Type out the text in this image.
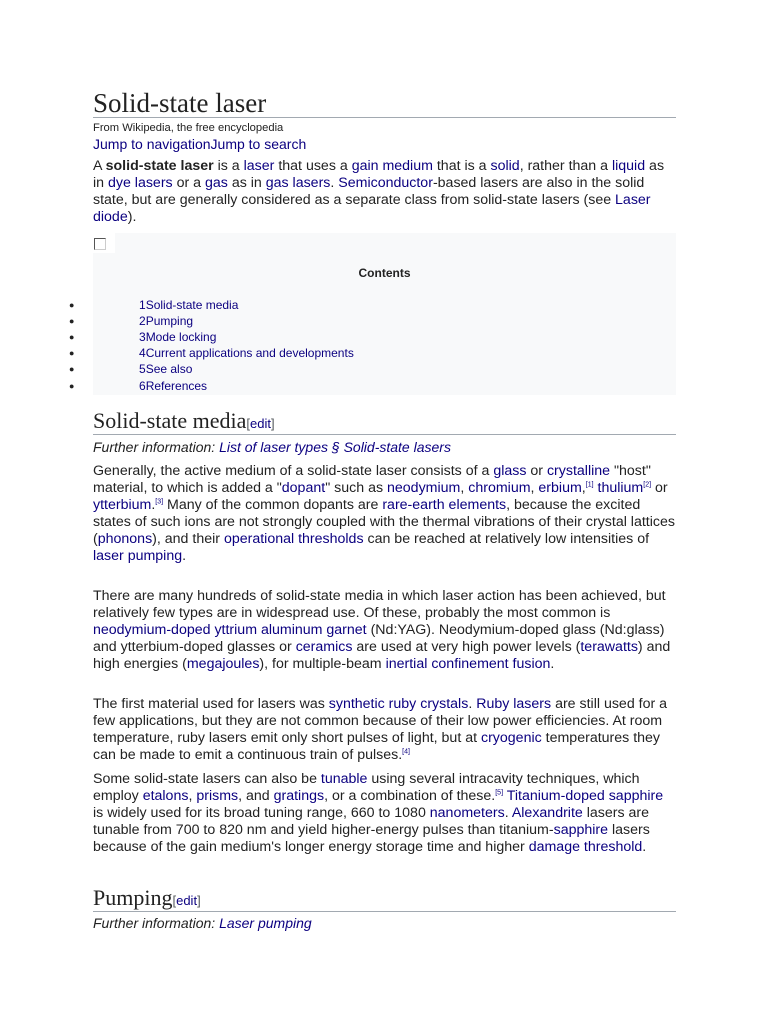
Solid-state laser
From Wikipedia, the free encyclopedia
Jump to navigationJump to search

A solid-state laser is a laser that uses a gain medium that is a solid, rather than a liquid as in dye lasers or a gas as in gas lasers. Semiconductor-based lasers are also in the solid state, but are generally considered as a separate class from solid-state lasers (see Laser diode).

Contents
●	1Solid-state media
●	2Pumping
●	3Mode locking
●	4Current applications and developments
●	5See also
●	6References
Solid-state media[edit]
Further information: List of laser types § Solid-state lasers

Generally, the active medium of a solid-state laser consists of a glass or crystalline "host" material, to which is added a "dopant" such as neodymium, chromium, erbium,[1] thulium[2] or ytterbium.[3] Many of the common dopants are rare-earth elements, because the excited states of such ions are not strongly coupled with the thermal vibrations of their crystal lattices (phonons), and their operational thresholds can be reached at relatively low intensities of laser pumping.

There are many hundreds of solid-state media in which laser action has been achieved, but relatively few types are in widespread use. Of these, probably the most common is neodymium-doped yttrium aluminum garnet (Nd:YAG). Neodymium-doped glass (Nd:glass) and ytterbium-doped glasses or ceramics are used at very high power levels (terawatts) and high energies (megajoules), for multiple-beam inertial confinement fusion.

The first material used for lasers was synthetic ruby crystals. Ruby lasers are still used for a few applications, but they are not common because of their low power efficiencies. At room temperature, ruby lasers emit only short pulses of light, but at cryogenic temperatures they can be made to emit a continuous train of pulses.[4]

Some solid-state lasers can also be tunable using several intracavity techniques, which employ etalons, prisms, and gratings, or a combination of these.[5] Titanium-doped sapphire is widely used for its broad tuning range, 660 to 1080 nanometers. Alexandrite lasers are tunable from 700 to 820 nm and yield higher-energy pulses than titanium-sapphire lasers because of the gain medium's longer energy storage time and higher damage threshold.

Pumping[edit]
Further information: Laser pumping
